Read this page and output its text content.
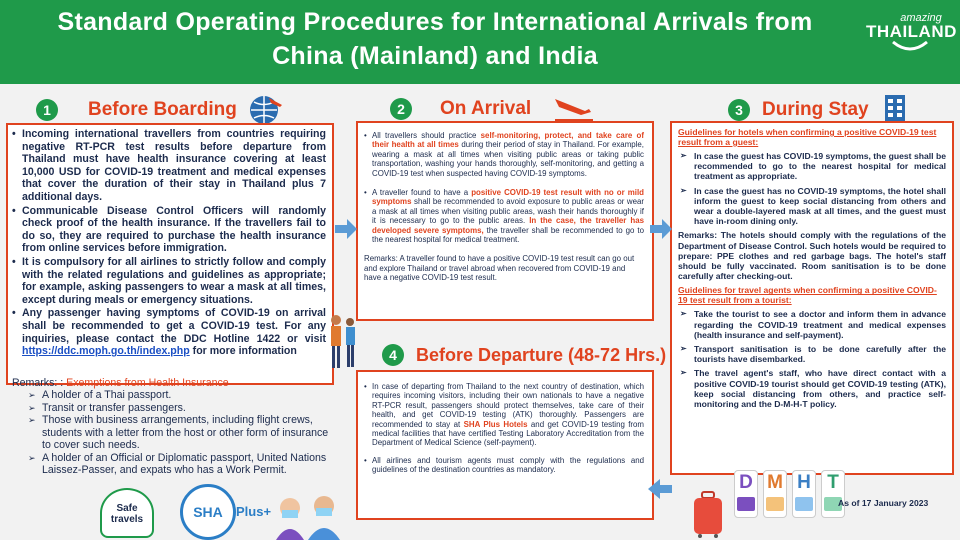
Standard Operating Procedures for International Arrivals from
China (Mainland) and India
amazing
THAILAND
1	Before Boarding	2	On Arrival	3	During Stay
4	Before Departure (48-72 Hrs.)
• Incoming international travellers from countries requiring negative RT-PCR test results before departure from Thailand must have health insurance covering at least 10,000 USD for COVID-19 treatment and medical expenses that cover the duration of their stay in Thailand plus 7 additional days.
• Communicable Disease Control Officers will randomly check proof of the health insurance. If the travellers fail to do so, they are required to purchase the health insurance from online services before immigration.
• It is compulsory for all airlines to strictly follow and comply with the related regulations and guidelines as appropriate; for example, asking passengers to wear a mask at all times, except during meals or emergency situations.
• Any passenger having symptoms of COVID-19 on arrival shall be recommended to get a COVID-19 test. For any inquiries, please contact the DDC Hotline 1422 or visit https://ddc.moph.go.th/index.php for more information
Remarks: : Exemptions from Health Insurance
➢ A holder of a Thai passport.
➢ Transit or transfer passengers.
➢ Those with business arrangements, including flight crews, students with a letter from the host or other form of insurance to cover such needs.
➢ A holder of an Official or Diplomatic passport, United Nations Laissez-Passer, and expats who has a Work Permit.
• All travellers should practice self-monitoring, protect, and take care of their health at all times during their period of stay in Thailand. For example, wearing a mask at all times when visiting public areas or taking public transportation, washing your hands thoroughly, self-monitoring, and getting a COVID-19 test when suspected having COVID-19 symptoms.
• A traveller found to have a positive COVID-19 test result with no or mild symptoms shall be recommended to avoid exposure to public areas or wear a mask at all times when visiting public areas, wash their hands thoroughly if it is necessary to go to the public areas. In the case, the traveller has developed severe symptoms, the traveller shall be recommended to go to the nearest hospital for medical treatment.
Remarks: A traveller found to have a positive COVID-19 test result can go out and explore Thailand or travel abroad when recovered from COVID-19 and have a negative COVID-19 test result.
• In case of departing from Thailand to the next country of destination, which requires incoming visitors, including their own nationals to have a negative RT-PCR result, passengers should protect themselves, take care of their health, and get COVID-19 testing (ATK) thoroughly. Passengers are recommended to stay at SHA Plus Hotels and get COVID-19 testing from medical facilities that have certified Testing Laboratory Accreditation from the Department of Medical Science (self-payment).
• All airlines and tourism agents must comply with the regulations and guidelines of the destination countries as mandatory.
Guidelines for hotels when confirming a positive COVID-19 test result from a guest:
➢ In case the guest has COVID-19 symptoms, the guest shall be recommended to go to the nearest hospital for medical treatment as appropriate.
➢ In case the guest has no COVID-19 symptoms, the hotel shall inform the guest to keep social distancing from others and wear a double-layered mask at all times, and the guest must have in-room dining only.
Remarks: The hotels should comply with the regulations of the Department of Disease Control. Such hotels would be required to prepare: PPE clothes and red garbage bags. The hotel's staff should be fully vaccinated. Room sanitisation is to be done carefully after checking-out.
Guidelines for travel agents when confirming a positive COVID-19 test result from a tourist:
➢ Take the tourist to see a doctor and inform them in advance regarding the COVID-19 treatment and medical expenses (health insurance and self-payment).
➢ Transport sanitisation is to be done carefully after the tourists have disembarked.
➢ The travel agent's staff, who have direct contact with a positive COVID-19 tourist should get COVID-19 testing (ATK), keep social distancing from others, and practice self-monitoring and the D-M-H-T policy.
Safe
travels	SHA	Plus+
D M H T
As of 17 January 2023
